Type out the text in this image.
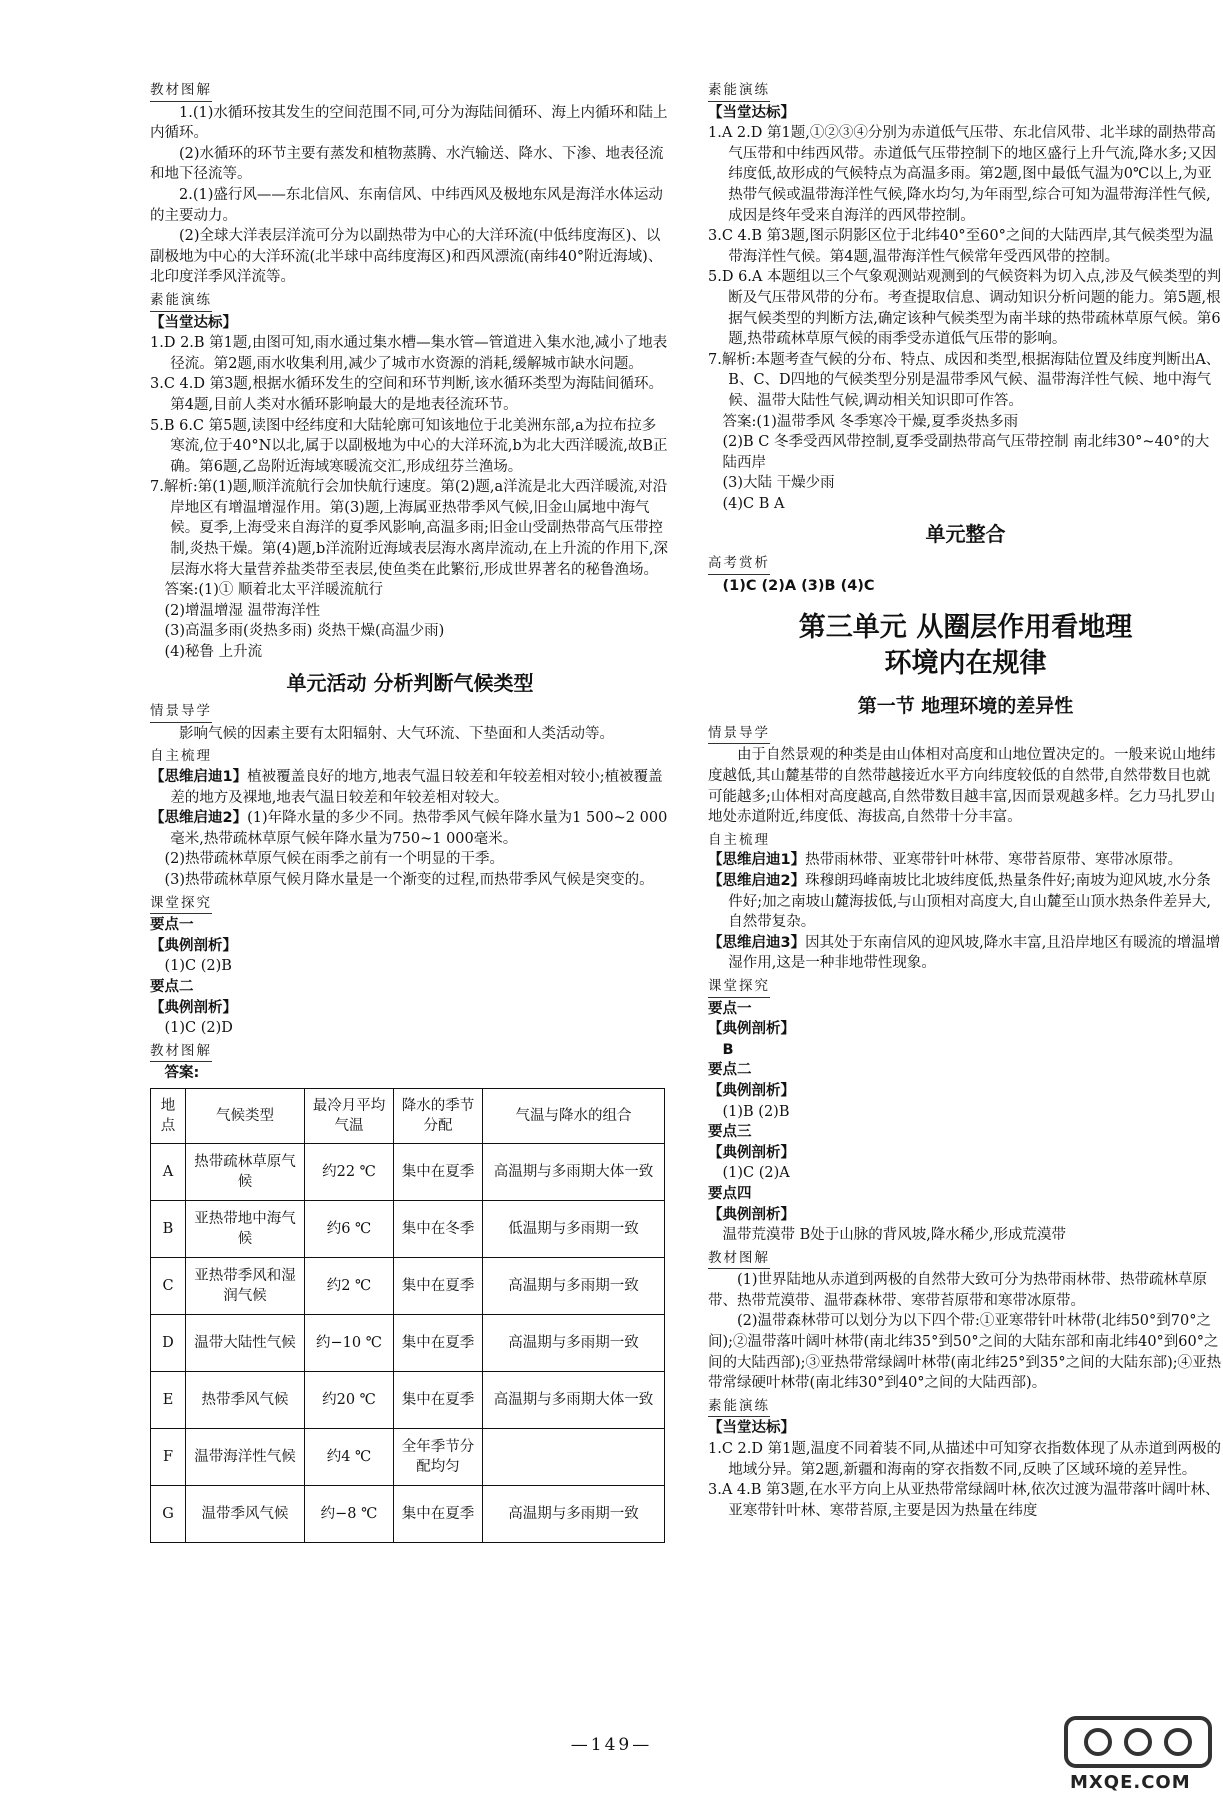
教材图解

1.(1)水循环按其发生的空间范围不同,可分为海陆间循环、海上内循环和陆上内循环。

(2)水循环的环节主要有蒸发和植物蒸腾、水汽输送、降水、下渗、地表径流和地下径流等。

2.(1)盛行风——东北信风、东南信风、中纬西风及极地东风是海洋水体运动的主要动力。

(2)全球大洋表层洋流可分为以副热带为中心的大洋环流(中低纬度海区)、以副极地为中心的大洋环流(北半球中高纬度海区)和西风漂流(南纬40°附近海域)、北印度洋季风洋流等。

素能演练

【当堂达标】

1.D 2.B 第1题,由图可知,雨水通过集水槽—集水管—管道进入集水池,减小了地表径流。第2题,雨水收集利用,减少了城市水资源的消耗,缓解城市缺水问题。

3.C 4.D 第3题,根据水循环发生的空间和环节判断,该水循环类型为海陆间循环。第4题,目前人类对水循环影响最大的是地表径流环节。

5.B 6.C 第5题,读图中经纬度和大陆轮廓可知该地位于北美洲东部,a为拉布拉多寒流,位于40°N以北,属于以副极地为中心的大洋环流,b为北大西洋暖流,故B正确。第6题,乙岛附近海域寒暖流交汇,形成纽芬兰渔场。

7.解析:第(1)题,顺洋流航行会加快航行速度。第(2)题,a洋流是北大西洋暖流,对沿岸地区有增温增湿作用。第(3)题,上海属亚热带季风气候,旧金山属地中海气候。夏季,上海受来自海洋的夏季风影响,高温多雨;旧金山受副热带高气压带控制,炎热干燥。第(4)题,b洋流附近海域表层海水离岸流动,在上升流的作用下,深层海水将大量营养盐类带至表层,使鱼类在此繁衍,形成世界著名的秘鲁渔场。

答案:(1)① 顺着北太平洋暖流航行

(2)增温增湿 温带海洋性

(3)高温多雨(炎热多雨) 炎热干燥(高温少雨)

(4)秘鲁 上升流

单元活动 分析判断气候类型
情景导学

影响气候的因素主要有太阳辐射、大气环流、下垫面和人类活动等。

自主梳理

【思维启迪1】植被覆盖良好的地方,地表气温日较差和年较差相对较小;植被覆盖差的地方及裸地,地表气温日较差和年较差相对较大。

【思维启迪2】(1)年降水量的多少不同。热带季风气候年降水量为1 500~2 000毫米,热带疏林草原气候年降水量为750~1 000毫米。

(2)热带疏林草原气候在雨季之前有一个明显的干季。

(3)热带疏林草原气候月降水量是一个渐变的过程,而热带季风气候是突变的。

课堂探究

要点一

【典例剖析】

(1)C (2)B

要点二

【典例剖析】

(1)C (2)D

教材图解

答案:

地点	气候类型	最冷月平均气温	降水的季节分配	气温与降水的组合
A	热带疏林草原气候	约22 ℃	集中在夏季	高温期与多雨期大体一致
B	亚热带地中海气候	约6 ℃	集中在冬季	低温期与多雨期一致
C	亚热带季风和湿润气候	约2 ℃	集中在夏季	高温期与多雨期一致
D	温带大陆性气候	约−10 ℃	集中在夏季	高温期与多雨期一致
E	热带季风气候	约20 ℃	集中在夏季	高温期与多雨期大体一致
F	温带海洋性气候	约4 ℃	全年季节分配均匀	
G	温带季风气候	约−8 ℃	集中在夏季	高温期与多雨期一致
素能演练

【当堂达标】

1.A 2.D 第1题,①②③④分别为赤道低气压带、东北信风带、北半球的副热带高气压带和中纬西风带。赤道低气压带控制下的地区盛行上升气流,降水多;又因纬度低,故形成的气候特点为高温多雨。第2题,图中最低气温为0℃以上,为亚热带气候或温带海洋性气候,降水均匀,为年雨型,综合可知为温带海洋性气候,成因是终年受来自海洋的西风带控制。

3.C 4.B 第3题,图示阴影区位于北纬40°至60°之间的大陆西岸,其气候类型为温带海洋性气候。第4题,温带海洋性气候常年受西风带的控制。

5.D 6.A 本题组以三个气象观测站观测到的气候资料为切入点,涉及气候类型的判断及气压带风带的分布。考查提取信息、调动知识分析问题的能力。第5题,根据气候类型的判断方法,确定该种气候类型为南半球的热带疏林草原气候。第6题,热带疏林草原气候的雨季受赤道低气压带的影响。

7.解析:本题考查气候的分布、特点、成因和类型,根据海陆位置及纬度判断出A、B、C、D四地的气候类型分别是温带季风气候、温带海洋性气候、地中海气候、温带大陆性气候,调动相关知识即可作答。

答案:(1)温带季风 冬季寒冷干燥,夏季炎热多雨

(2)B C 冬季受西风带控制,夏季受副热带高气压带控制 南北纬30°~40°的大陆西岸

(3)大陆 干燥少雨

(4)C B A

单元整合
高考赏析

(1)C (2)A (3)B (4)C

第三单元 从圈层作用看地理
环境内在规律
第一节 地理环境的差异性
情景导学

由于自然景观的种类是由山体相对高度和山地位置决定的。一般来说山地纬度越低,其山麓基带的自然带越接近水平方向纬度较低的自然带,自然带数目也就可能越多;山体相对高度越高,自然带数目越丰富,因而景观越多样。乞力马扎罗山地处赤道附近,纬度低、海拔高,自然带十分丰富。

自主梳理

【思维启迪1】热带雨林带、亚寒带针叶林带、寒带苔原带、寒带冰原带。

【思维启迪2】珠穆朗玛峰南坡比北坡纬度低,热量条件好;南坡为迎风坡,水分条件好;加之南坡山麓海拔低,与山顶相对高度大,自山麓至山顶水热条件差异大,自然带复杂。

【思维启迪3】因其处于东南信风的迎风坡,降水丰富,且沿岸地区有暖流的增温增湿作用,这是一种非地带性现象。

课堂探究

要点一

【典例剖析】

B

要点二

【典例剖析】

(1)B (2)B

要点三

【典例剖析】

(1)C (2)A

要点四

【典例剖析】

温带荒漠带 B处于山脉的背风坡,降水稀少,形成荒漠带

教材图解

(1)世界陆地从赤道到两极的自然带大致可分为热带雨林带、热带疏林草原带、热带荒漠带、温带森林带、寒带苔原带和寒带冰原带。

(2)温带森林带可以划分为以下四个带:①亚寒带针叶林带(北纬50°到70°之间);②温带落叶阔叶林带(南北纬35°到50°之间的大陆东部和南北纬40°到60°之间的大陆西部);③亚热带常绿阔叶林带(南北纬25°到35°之间的大陆东部);④亚热带常绿硬叶林带(南北纬30°到40°之间的大陆西部)。

素能演练

【当堂达标】

1.C 2.D 第1题,温度不同着装不同,从描述中可知穿衣指数体现了从赤道到两极的地域分异。第2题,新疆和海南的穿衣指数不同,反映了区域环境的差异性。

3.A 4.B 第3题,在水平方向上从亚热带常绿阔叶林,依次过渡为温带落叶阔叶林、亚寒带针叶林、寒带苔原,主要是因为热量在纬度

—149—
MXQE.COM
